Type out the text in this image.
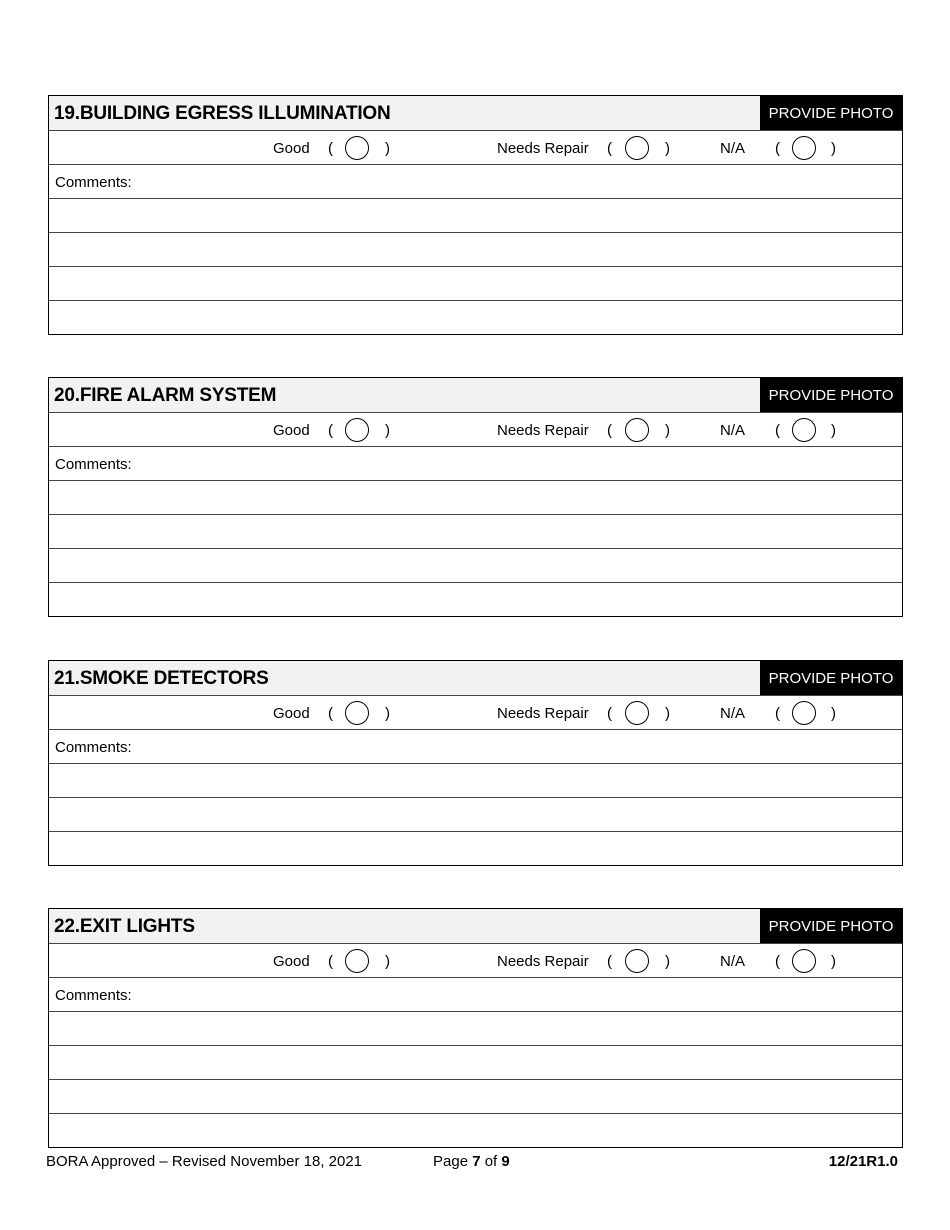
19.BUILDING EGRESS ILLUMINATION	PROVIDE PHOTO
Good (	)	Needs Repair (	)	N/A (	)
Comments:
20.FIRE ALARM SYSTEM	PROVIDE PHOTO
Good (	)	Needs Repair (	)	N/A (	)
Comments:
21.SMOKE DETECTORS	PROVIDE PHOTO
Good (	)	Needs Repair (	)	N/A (	)
Comments:
22.EXIT LIGHTS	PROVIDE PHOTO
Good (	)	Needs Repair (	)	N/A (	)
Comments:
BORA Approved – Revised November 18, 2021	Page 7 of 9	12/21R1.0
